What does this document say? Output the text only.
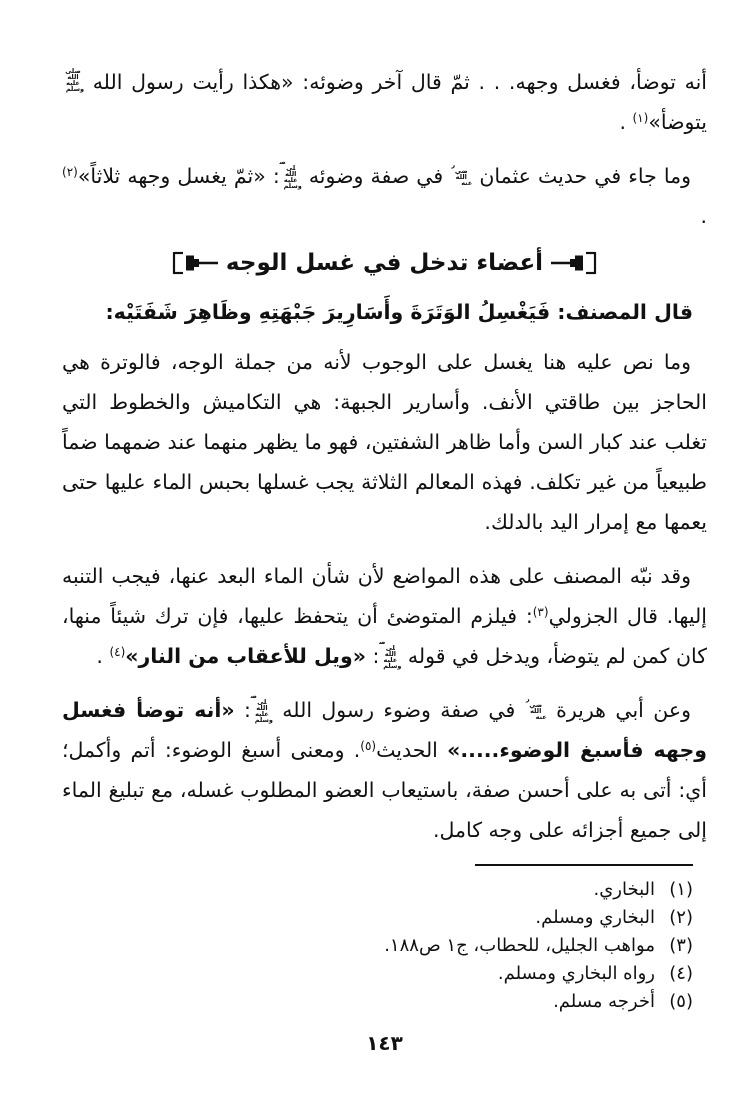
أنه توضأ، فغسل وجهه. . . ثمّ قال آخر وضوئه: «هكذا رأيت رسول الله صلى الله عليه وسلم يتوضأ»$^{(١)}$ .

وما جاء في حديث عثمان رضي الله عنه في صفة وضوئه صلى الله عليه وسلم: «ثمّ يغسل وجهه ثلاثاً»$^{(٢)}$ .

أعضاء تدخل في غسل الوجه

قال المصنف: فَيَغْسِلُ الوَتَرَةَ وأَسَارِيرَ جَبْهَتِهِ وظَاهِرَ شَفَتَيْه:

وما نص عليه هنا يغسل على الوجوب لأنه من جملة الوجه، فالوترة هي الحاجز بين طاقتي الأنف. وأسارير الجبهة: هي التكاميش والخطوط التي تغلب عند كبار السن وأما ظاهر الشفتين، فهو ما يظهر منهما عند ضمهما ضماً طبيعياً من غير تكلف. فهذه المعالم الثلاثة يجب غسلها بحبس الماء عليها حتى يعمها مع إمرار اليد بالدلك.

وقد نبّه المصنف على هذه المواضع لأن شأن الماء البعد عنها، فيجب التنبه إليها. قال الجزولي$^{(٣)}$: فيلزم المتوضئ أن يتحفظ عليها، فإن ترك شيئاً منها، كان كمن لم يتوضأ، ويدخل في قوله صلى الله عليه وسلم: «ويل للأعقاب من النار»$^{(٤)}$ .

وعن أبي هريرة رضي الله عنه في صفة وضوء رسول الله صلى الله عليه وسلم: «أنه توضأ فغسل وجهه فأسبغ الوضوء.....» الحديث$^{(٥)}$. ومعنى أسبغ الوضوء: أتم وأكمل؛ أي: أتى به على أحسن صفة، باستيعاب العضو المطلوب غسله، مع تبليغ الماء إلى جميع أجزائه على وجه كامل.

(١)
البخاري.
(٢)
البخاري ومسلم.
(٣)
مواهب الجليل، للحطاب، ج١ ص١٨٨.
(٤)
رواه البخاري ومسلم.
(٥)
أخرجه مسلم.
١٤٣
